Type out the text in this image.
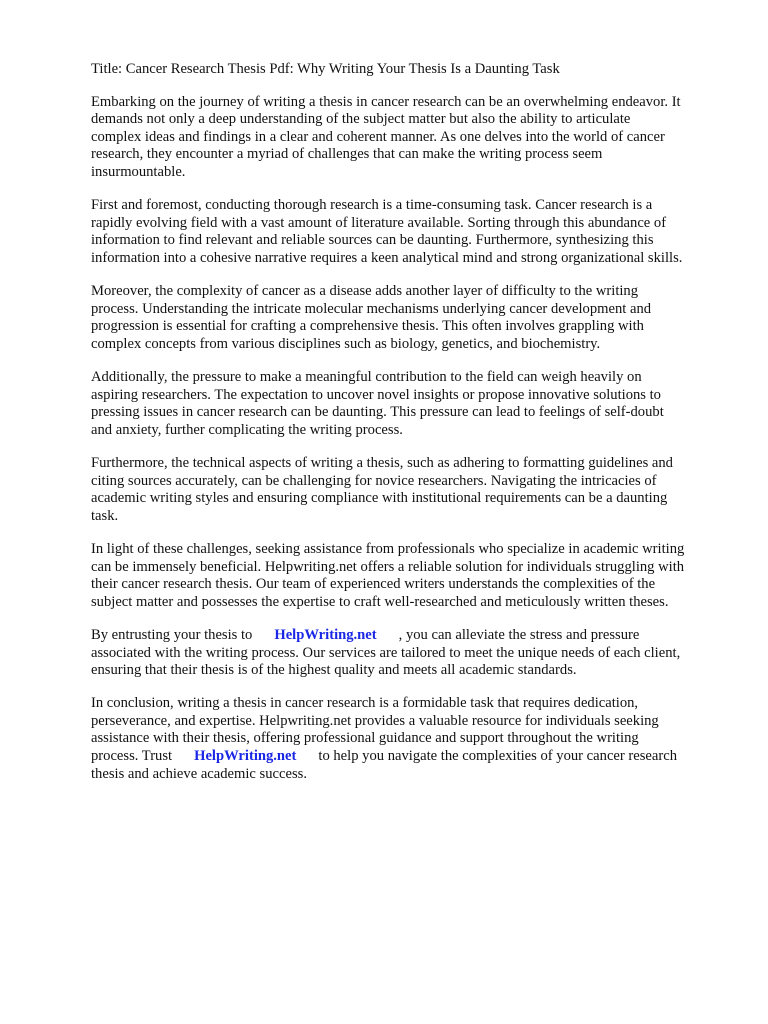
Title: Cancer Research Thesis Pdf: Why Writing Your Thesis Is a Daunting Task
Embarking on the journey of writing a thesis in cancer research can be an overwhelming endeavor. It
demands not only a deep understanding of the subject matter but also the ability to articulate
complex ideas and findings in a clear and coherent manner. As one delves into the world of cancer
research, they encounter a myriad of challenges that can make the writing process seem
insurmountable.
First and foremost, conducting thorough research is a time-consuming task. Cancer research is a
rapidly evolving field with a vast amount of literature available. Sorting through this abundance of
information to find relevant and reliable sources can be daunting. Furthermore, synthesizing this
information into a cohesive narrative requires a keen analytical mind and strong organizational skills.
Moreover, the complexity of cancer as a disease adds another layer of difficulty to the writing
process. Understanding the intricate molecular mechanisms underlying cancer development and
progression is essential for crafting a comprehensive thesis. This often involves grappling with
complex concepts from various disciplines such as biology, genetics, and biochemistry.
Additionally, the pressure to make a meaningful contribution to the field can weigh heavily on
aspiring researchers. The expectation to uncover novel insights or propose innovative solutions to
pressing issues in cancer research can be daunting. This pressure can lead to feelings of self-doubt
and anxiety, further complicating the writing process.
Furthermore, the technical aspects of writing a thesis, such as adhering to formatting guidelines and
citing sources accurately, can be challenging for novice researchers. Navigating the intricacies of
academic writing styles and ensuring compliance with institutional requirements can be a daunting
task.
In light of these challenges, seeking assistance from professionals who specialize in academic writing
can be immensely beneficial. Helpwriting.net offers a reliable solution for individuals struggling with
their cancer research thesis. Our team of experienced writers understands the complexities of the
subject matter and possesses the expertise to craft well-researched and meticulously written theses.
By entrusting your thesis to HelpWriting.net , you can alleviate the stress and pressure
associated with the writing process. Our services are tailored to meet the unique needs of each client,
ensuring that their thesis is of the highest quality and meets all academic standards.
In conclusion, writing a thesis in cancer research is a formidable task that requires dedication,
perseverance, and expertise. Helpwriting.net provides a valuable resource for individuals seeking
assistance with their thesis, offering professional guidance and support throughout the writing
process. Trust HelpWriting.net to help you navigate the complexities of your cancer research
thesis and achieve academic success.
